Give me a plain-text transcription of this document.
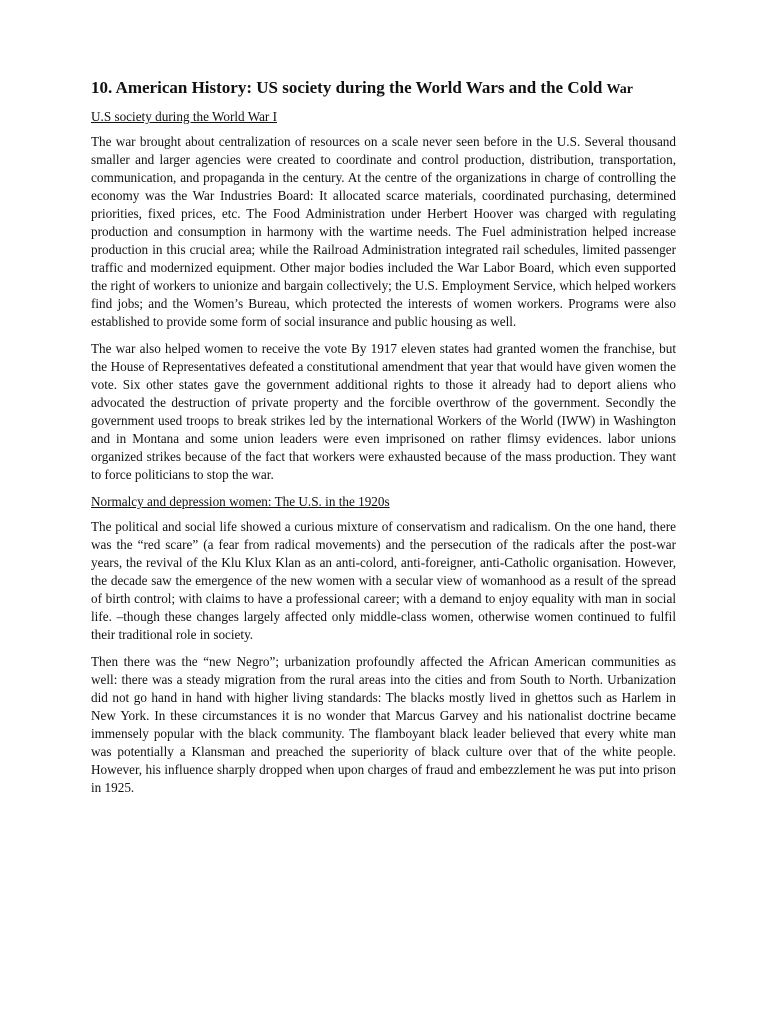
10. American History: US society during the World Wars and the Cold War

U.S society during the World War I

The war brought about centralization of resources on a scale never seen before in the U.S. Several thousand smaller and larger agencies were created to coordinate and control production, distribution, transportation, communication, and propaganda in the century. At the centre of the organizations in charge of controlling the economy was the War Industries Board: It allocated scarce materials, coordinated purchasing, determined priorities, fixed prices, etc. The Food Administration under Herbert Hoover was charged with regulating production and consumption in harmony with the wartime needs. The Fuel administration helped increase production in this crucial area; while the Railroad Administration integrated rail schedules, limited passenger traffic and modernized equipment. Other major bodies included the War Labor Board, which even supported the right of workers to unionize and bargain collectively; the U.S. Employment Service, which helped workers find jobs; and the Women’s Bureau, which protected the interests of women workers. Programs were also established to provide some form of social insurance and public housing as well.

The war also helped women to receive the vote By 1917 eleven states had granted women the franchise, but the House of Representatives defeated a constitutional amendment that year that would have given women the vote. Six other states gave the government additional rights to those it already had to deport aliens who advocated the destruction of private property and the forcible overthrow of the government. Secondly the government used troops to break strikes led by the international Workers of the World (IWW) in Washington and in Montana and some union leaders were even imprisoned on rather flimsy evidences. labor unions organized strikes because of the fact that workers were exhausted because of the mass production. They want to force politicians to stop the war.

Normalcy and depression women: The U.S. in the 1920s

The political and social life showed a curious mixture of conservatism and radicalism. On the one hand, there was the “red scare” (a fear from radical movements) and the persecution of the radicals after the post-war years, the revival of the Klu Klux Klan as an anti-colord, anti-foreigner, anti-Catholic organisation. However, the decade saw the emergence of the new women with a secular view of womanhood as a result of the spread of birth control; with claims to have a professional career; with a demand to enjoy equality with man in social life. –though these changes largely affected only middle-class women, otherwise women continued to fulfil their traditional role in society.

Then there was the “new Negro”; urbanization profoundly affected the African American communities as well: there was a steady migration from the rural areas into the cities and from South to North. Urbanization did not go hand in hand with higher living standards: The blacks mostly lived in ghettos such as Harlem in New York. In these circumstances it is no wonder that Marcus Garvey and his nationalist doctrine became immensely popular with the black community. The flamboyant black leader believed that every white man was potentially a Klansman and preached the superiority of black culture over that of the white people. However, his influence sharply dropped when upon charges of fraud and embezzlement he was put into prison in 1925.
